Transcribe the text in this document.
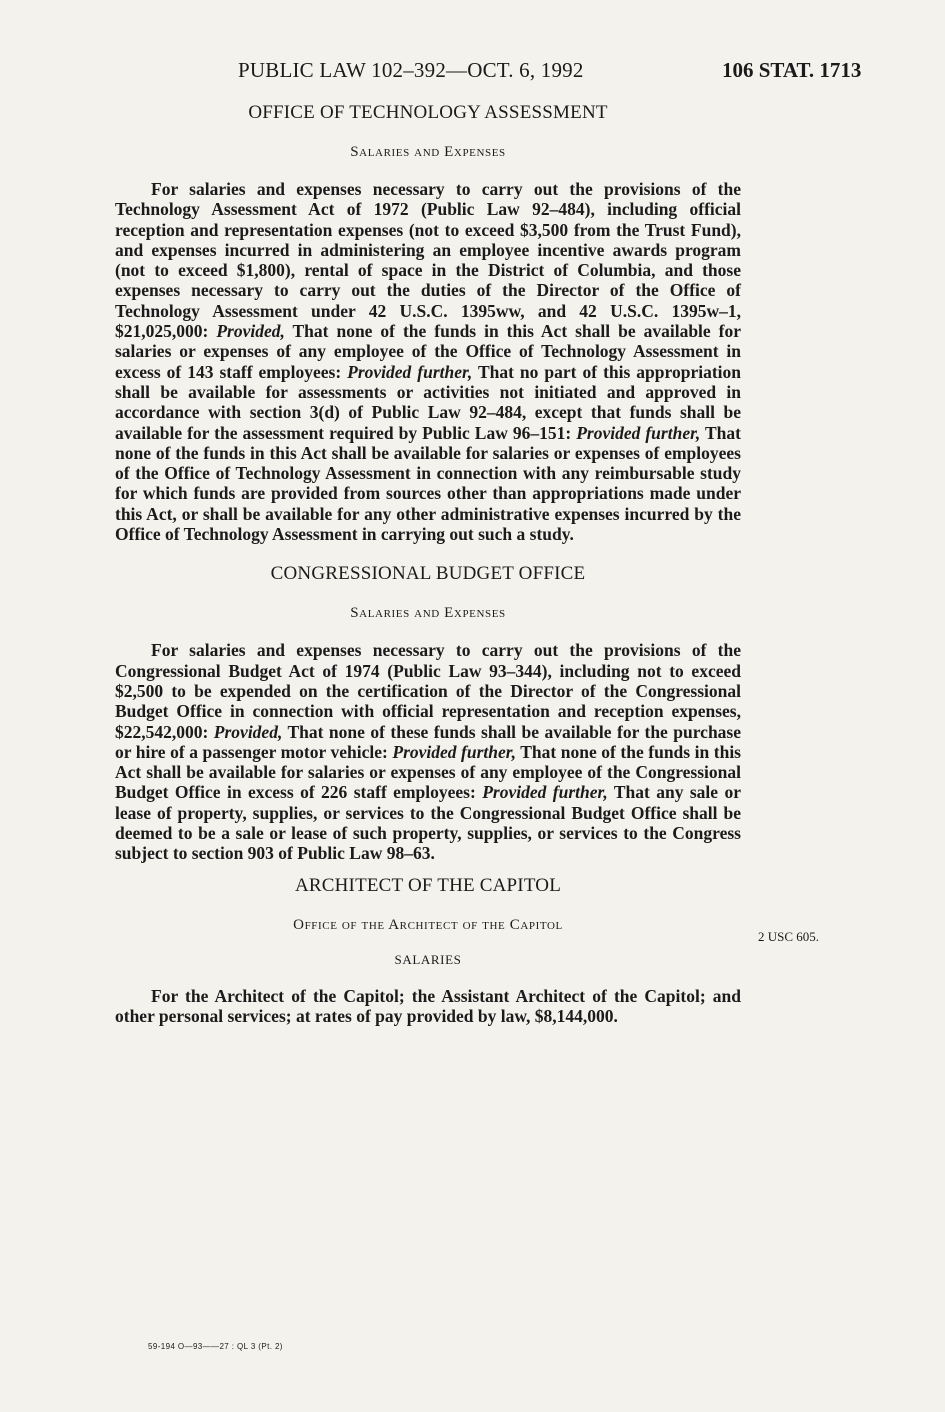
PUBLIC LAW 102–392—OCT. 6, 1992	106 STAT. 1713
OFFICE OF TECHNOLOGY ASSESSMENT
Salaries and Expenses

For salaries and expenses necessary to carry out the provisions of the Technology Assessment Act of 1972 (Public Law 92–484), including official reception and representation expenses (not to exceed $3,500 from the Trust Fund), and expenses incurred in administering an employee incentive awards program (not to exceed $1,800), rental of space in the District of Columbia, and those expenses necessary to carry out the duties of the Director of the Office of Technology Assessment under 42 U.S.C. 1395ww, and 42 U.S.C. 1395w–1, $21,025,000: Provided, That none of the funds in this Act shall be available for salaries or expenses of any employee of the Office of Technology Assessment in excess of 143 staff employees: Provided further, That no part of this appropriation shall be available for assessments or activities not initiated and approved in accordance with section 3(d) of Public Law 92–484, except that funds shall be available for the assessment required by Public Law 96–151: Provided further, That none of the funds in this Act shall be available for salaries or expenses of employees of the Office of Technology Assessment in connection with any reimbursable study for which funds are provided from sources other than appropriations made under this Act, or shall be available for any other administrative expenses incurred by the Office of Technology Assessment in carrying out such a study.

CONGRESSIONAL BUDGET OFFICE
Salaries and Expenses

For salaries and expenses necessary to carry out the provisions of the Congressional Budget Act of 1974 (Public Law 93–344), including not to exceed $2,500 to be expended on the certification of the Director of the Congressional Budget Office in connection with official representation and reception expenses, $22,542,000: Provided, That none of these funds shall be available for the purchase or hire of a passenger motor vehicle: Provided further, That none of the funds in this Act shall be available for salaries or expenses of any employee of the Congressional Budget Office in excess of 226 staff employees: Provided further, That any sale or lease of property, supplies, or services to the Congressional Budget Office shall be deemed to be a sale or lease of such property, supplies, or services to the Congress subject to section 903 of Public Law 98–63.

ARCHITECT OF THE CAPITOL
Office of the Architect of the Capitol
SALARIES

For the Architect of the Capitol; the Assistant Architect of the Capitol; and other personal services; at rates of pay provided by law, $8,144,000.

2 USC 605.
59-194 O—93——27 : QL 3 (Pt. 2)
